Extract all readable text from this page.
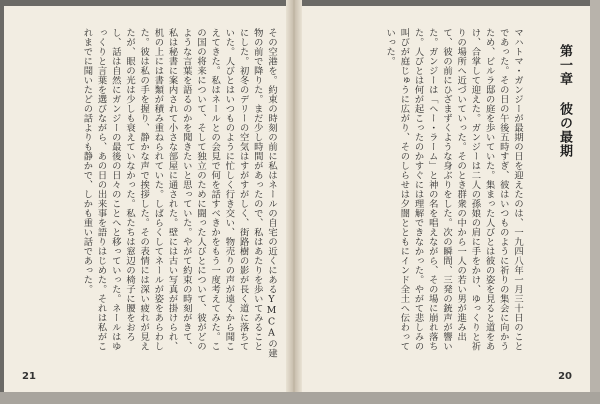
その空港を。約束の時刻の前に私はネールの自宅の近くにあるYMCAの建物の前で降りた。まだ少し時間があったので、私はあたりを歩いてみることにした。初冬のデリーの空気はすがすがしく、街路樹の影が長く道に落ちていた。人びとはいつものように忙しく行き交い、物売りの声が遠くから聞こえてきた。私はネールとの会見で何を話すべきかをもう一度考えてみた。この国の将来について、そして独立のために闘った人びとについて、彼がどのような言葉を語るのかを聞きたいと思っていた。やがて約束の時刻がきて、私は秘書に案内されて小さな部屋に通された。壁には古い写真が掛けられ、机の上には書類が積み重ねられていた。しばらくしてネールが姿をあらわした。彼は私の手を握り、静かな声で挨拶した。その表情には深い疲れが見えたが、眼の光は少しも衰えていなかった。私たちは窓辺の椅子に腰をおろし、話は自然にガンジーの最後の日々のことへと移っていった。ネールはゆっくりと言葉を選びながら、あの日の出来事を語りはじめた。それは私がこれまでに聞いたどの話よりも静かで、しかも重い話であった。
21
第一章 彼の最期
マハトマ・ガンジーが最期の日を迎えたのは、一九四八年一月三十日のことであった。その日の午後五時すぎ、彼はいつものように祈りの集会に向かうため、ビルラ邸の庭を歩いていた。集まった人びとは彼の姿を見ると道をあけ、合掌して迎えた。ガンジーは二人の孫娘の肩に手をかけ、ゆっくりと祈りの場所へ近づいていった。そのとき群衆の中から一人の若い男が進み出て、彼の前にひざまずくような身ぶりをした。次の瞬間、三発の銃声が響いた。ガンジーは「ヘー・ラーム」と神の名を唱えながら、その場に崩れ落ちた。人びとは何が起こったのかすぐには理解できなかった。やがて悲しみの叫びが庭じゅうに広がり、そのしらせは夕闇とともにインド全土へ伝わっていった。
20
